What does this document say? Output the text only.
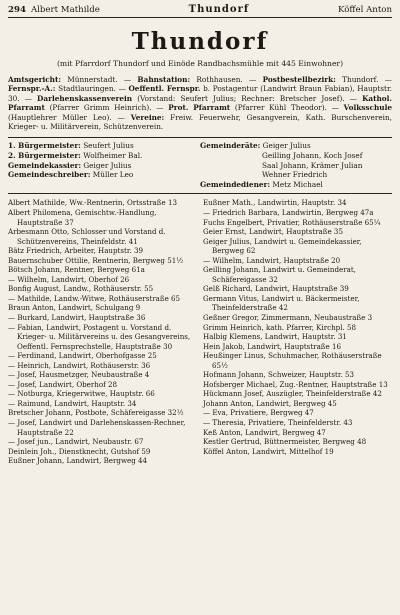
294 Albert Mathilde	Thundorf	Köffel Anton
Thundorf
(mit Pfarrdorf Thundorf und Einöde Randbachsmühle mit 445 Einwohner)
Amtsgericht: Münnerstadt. — Bahnstation: Rothhausen. — Postbestellbezirk: Thundorf. — Fernspr.-A.: Stadtlauringen. — Oeffentl. Fernspr. b. Postagentur (Landwirt Braun Fabian), Hauptstr. 30. — Darlehenskassenverein (Vorstand: Seufert Julius; Rechner: Bretscher Josef). — Kathol. Pfarramt (Pfarrer Grimm Heinrich). — Prot. Pfarramt (Pfarrer Kühl Theodor). — Volksschule (Hauptlehrer Müller Leo). — Vereine: Freiw. Feuerwehr, Gesangverein, Kath. Burschenverein, Krieger- u. Militärverein, Schützenverein.
1. Bürgermeister: Seufert Julius
2. Bürgermeister: Wolfheimer Bal.
Gemeindekassier: Geiger Julius
Gemeindeschreiber: Müller Leo
Gemeinderäte: Geiger Julius
Geilling Johann, Koch Josef
Saal Johann, Krämer Julian
Wehner Friedrich
Gemeindediener: Metz Michael
Albert Mathilde, Ww.-Rentnerin, Ortsstraße 13
Albert Philomena, Gemischtw.-Handlung, Hauptstraße 37
Arbesmann Otto, Schlosser und Vorstand d. Schützenvereins, Theinfeldstr. 41
Bätz Friedrich, Arbeiter, Hauptstr. 39
Bauernschuber Ottilie, Rentnerin, Bergweg 51½
Bötsch Johann, Rentner, Bergweg 61a
— Wilhelm, Landwirt, Oberhof 26
Bonfig August, Landw., Rothäuserstr. 55
— Mathilde, Landw.-Witwe, Rothäuserstraße 65
Braun Anton, Landwirt, Schulgang 9
— Burkard, Landwirt, Hauptstraße 36
— Fabian, Landwirt, Postagent u. Vorstand d. Krieger- u. Militärvereins u. des Gesangvereins, Oeffentl. Fernsprechstelle, Hauptstraße 30
— Ferdinand, Landwirt, Oberhofgasse 25
— Heinrich, Landwirt, Rothäuserstr. 36
— Josef, Hausmetzger, Neubaustraße 4
— Josef, Landwirt, Oberhof 28
— Notburga, Kriegerwitwe, Hauptstr. 66
— Raimund, Landwirt, Hauptstr. 34
Bretscher Johann, Postbote, Schäfereigasse 32½
— Josef, Landwirt und Darlehenskassen-Rechner, Hauptstraße 22
— Josef jun., Landwirt, Neubaustr. 67
Deinlein Joh., Dienstknecht, Gutshof 59
Eußner Johann, Landwirt, Bergweg 44
Eußner Math., Landwirtin, Hauptstr. 34
— Friedrich Barbara, Landwirtin, Bergweg 47a
Fuchs Engelbert, Privatier, Rothäuserstraße 65¼
Geier Ernst, Landwirt, Hauptstraße 35
Geiger Julius, Landwirt u. Gemeindekassier, Bergweg 62
— Wilhelm, Landwirt, Hauptstraße 20
Geilling Johann, Landwirt u. Gemeinderat, Schäfereigasse 32
Gelß Richard, Landwirt, Hauptstraße 39
Germann Vitus, Landwirt u. Bäckermeister, Theinfelderstraße 42
Geßner Gregor, Zimmermann, Neubaustraße 3
Grimm Heinrich, kath. Pfarrer, Kirchpl. 58
Halbig Klemens, Landwirt, Hauptstr. 31
Hein Jakob, Landwirt, Hauptstraße 16
Heußinger Linus, Schuhmacher, Rothäuserstraße 65½
Hofmann Johann, Schweizer, Hauptstr. 53
Hofsberger Michael, Zug.-Rentner, Hauptstraße 13
Hückmann Josef, Auszügler, Theinfelderstraße 42
Johann Anton, Landwirt, Bergweg 45
— Eva, Privatiere, Bergweg 47
— Theresia, Privatiere, Theinfelderstr. 43
Keß Anton, Landwirt, Bergweg 47
Kestler Gertrud, Büttnermeister, Bergweg 48
Köffel Anton, Landwirt, Mittelhof 19
